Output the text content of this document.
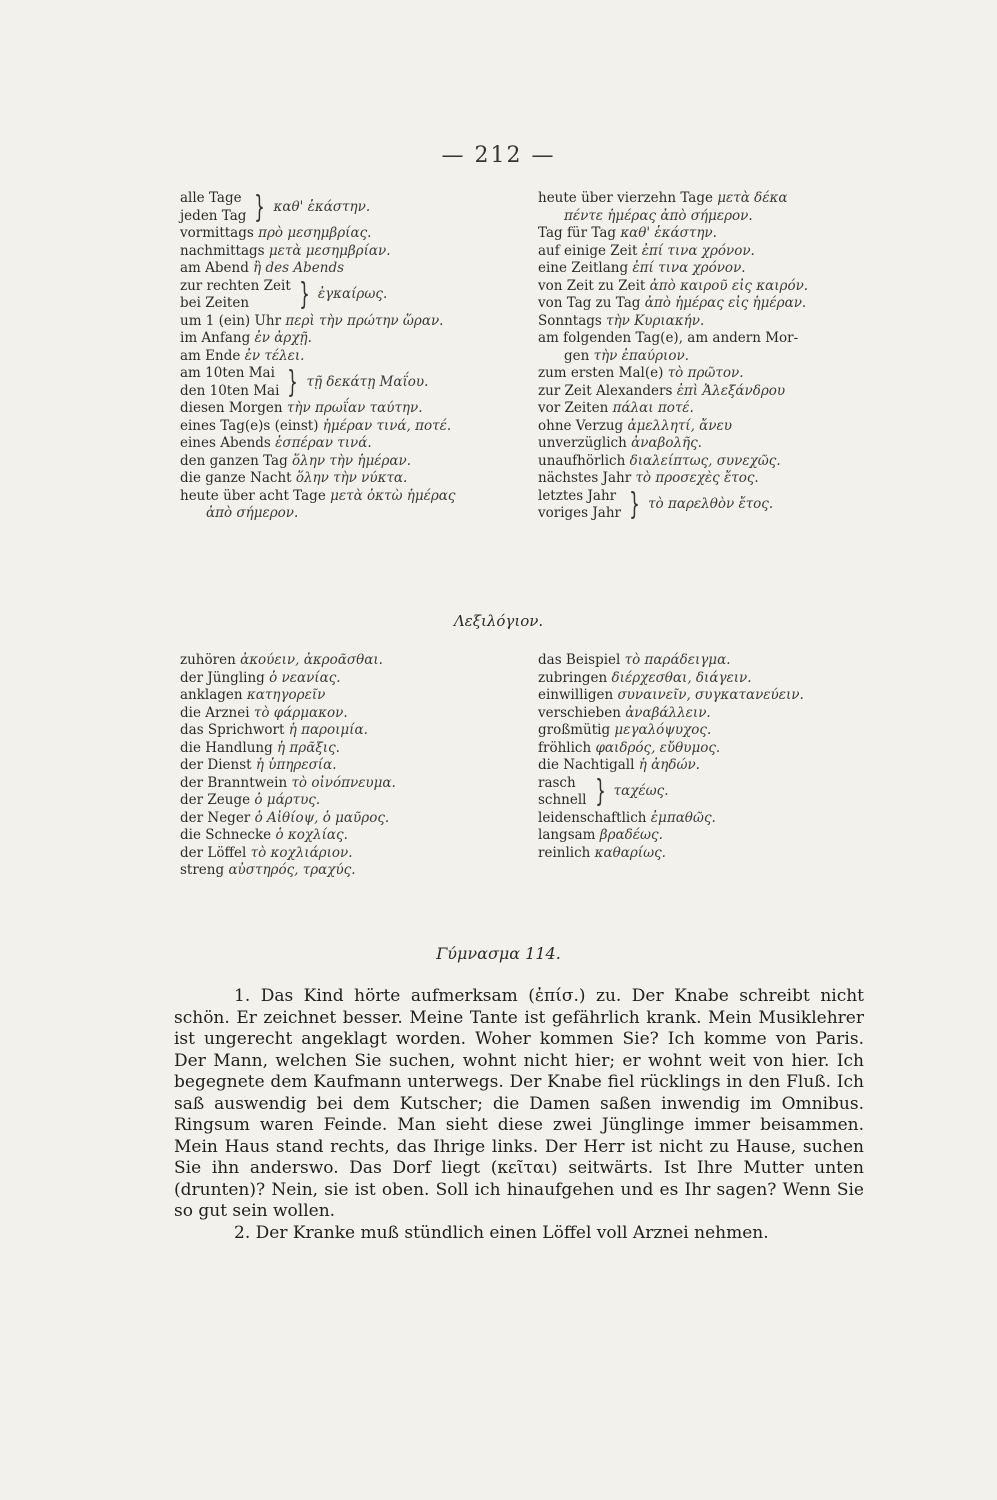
— 212 —
alle Tage
jeden Tag } καθ' ἑκάστην.
vormittags πρὸ μεσημβρίας.
nachmittags μετὰ μεσημβρίαν.
am Abend ἢ des Abends
zur rechten Zeit
bei Zeiten	} ἐγκαίρως.
um 1 (ein) Uhr περὶ τὴν πρώτην ὥραν.
im Anfang ἐν ἀρχῇ.
am Ende ἐν τέλει.
am 10ten Mai
den 10ten Mai } τῇ δεκάτῃ Μαΐου.
diesen Morgen τὴν πρωΐαν ταύτην.
eines Tag(e)s (einst) ἡμέραν τινά, ποτέ.
eines Abends ἑσπέραν τινά.
den ganzen Tag ὅλην τὴν ἡμέραν.
die ganze Nacht ὅλην τὴν νύκτα.
heute über acht Tage μετὰ ὀκτὼ ἡμέρας
ἀπὸ σήμερον.
heute über vierzehn Tage μετὰ δέκα
πέντε ἡμέρας ἀπὸ σήμερον.
Tag für Tag καθ' ἑκάστην.
auf einige Zeit ἐπί τινα χρόνον.
eine Zeitlang ἐπί τινα χρόνον.
von Zeit zu Zeit ἀπὸ καιροῦ εἰς καιρόν.
von Tag zu Tag ἀπὸ ἡμέρας εἰς ἡμέραν.
Sonntags τὴν Κυριακήν.
am folgenden Tag(e), am andern Mor-
gen τὴν ἐπαύριον.
zum ersten Mal(e) τὸ πρῶτον.
zur Zeit Alexanders ἐπὶ Ἀλεξάνδρου
vor Zeiten πάλαι ποτέ.
ohne Verzug ἀμελλητί, ἄνευ
unverzüglich ἀναβολῆς.
unaufhörlich διαλείπτως, συνεχῶς.
nächstes Jahr τὸ προσεχὲς ἔτος.
letztes Jahr
voriges Jahr } τὸ παρελθὸν ἔτος.
Λεξιλόγιον.
zuhören ἀκούειν, ἀκροᾶσθαι.
der Jüngling ὁ νεανίας.
anklagen κατηγορεῖν
die Arznei τὸ φάρμακον.
das Sprichwort ἡ παροιμία.
die Handlung ἡ πρᾶξις.
der Dienst ἡ ὑπηρεσία.
der Branntwein τὸ οἰνόπνευμα.
der Zeuge ὁ μάρτυς.
der Neger ὁ Αἰθίοψ, ὁ μαῦρος.
die Schnecke ὁ κοχλίας.
der Löffel τὸ κοχλιάριον.
streng αὐστηρός, τραχύς.
das Beispiel τὸ παράδειγμα.
zubringen διέρχεσθαι, διάγειν.
einwilligen συναινεῖν, συγκατανεύειν.
verschieben ἀναβάλλειν.
großmütig μεγαλόψυχος.
fröhlich φαιδρός, εὔθυμος.
die Nachtigall ἡ ἀηδών.
rasch
schnell } ταχέως.
leidenschaftlich ἐμπαθῶς.
langsam βραδέως.
reinlich καθαρίως.
Γύμνασμα 114.

1. Das Kind hörte aufmerksam (ἐπίσ.) zu. Der Knabe schreibt nicht schön. Er zeichnet besser. Meine Tante ist gefährlich krank. Mein Musiklehrer ist ungerecht angeklagt worden. Woher kommen Sie? Ich komme von Paris. Der Mann, welchen Sie suchen, wohnt nicht hier; er wohnt weit von hier. Ich begegnete dem Kaufmann unterwegs. Der Knabe fiel rücklings in den Fluß. Ich saß auswendig bei dem Kutscher; die Damen saßen inwendig im Omnibus. Ringsum waren Feinde. Man sieht diese zwei Jünglinge immer beisammen. Mein Haus stand rechts, das Ihrige links. Der Herr ist nicht zu Hause, suchen Sie ihn anderswo. Das Dorf liegt (κεῖται) seitwärts. Ist Ihre Mutter unten (drunten)? Nein, sie ist oben. Soll ich hinaufgehen und es Ihr sagen? Wenn Sie so gut sein wollen.

2. Der Kranke muß stündlich einen Löffel voll Arznei nehmen.
